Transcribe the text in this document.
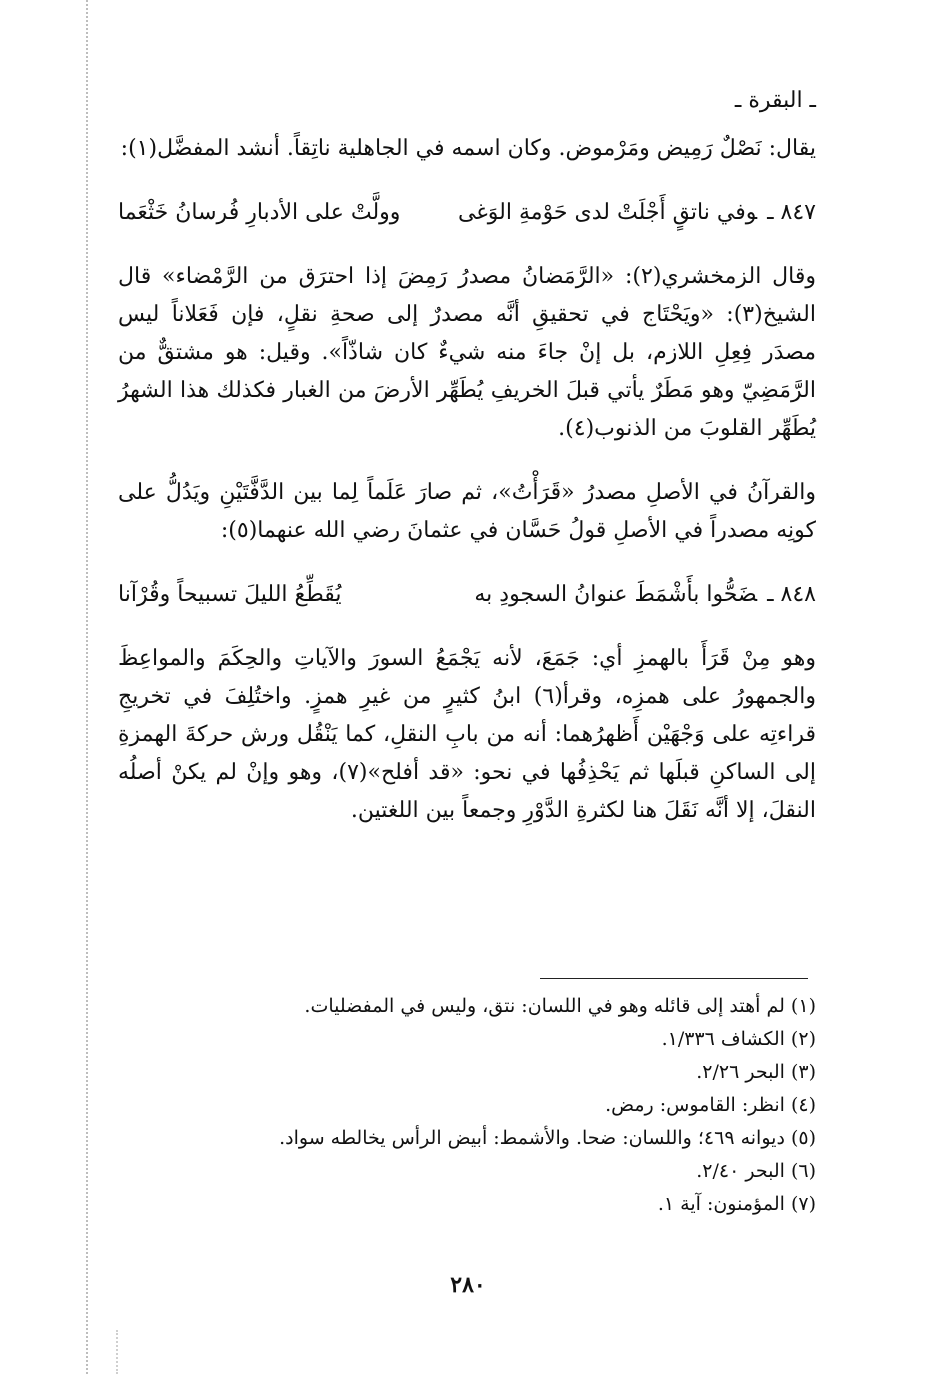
ـ البقرة ـ

يقال: نَصْلٌ رَمِيض ومَرْموض. وكان اسمه في الجاهلية ناتِقاً. أنشد المفضَّل(١):

٨٤٧ ـوفي ناتقٍ أَجْلَتْ لدى حَوْمةِ الوَغى
وولَّتْ على الأدبارِ فُرسانُ خَثْعَما

وقال الزمخشري(٢): «الرَّمَضانُ مصدرُ رَمِضَ إذا احترَق من الرَّمْضاء» قال الشيخ(٣): «ويَحْتَاج في تحقيقِ أنَّه مصدرٌ إلى صحةِ نقلٍ، فإن فَعَلاناً ليس مصدَر فِعِلِ اللازم، بل إنْ جاءَ منه شيءٌ كان شاذّاً». وقيل: هو مشتقٌّ من الرَّمَضِيّ وهو مَطَرٌ يأتي قبلَ الخريفِ يُطَهِّر الأرضَ من الغبار فكذلك هذا الشهرُ يُطَهِّر القلوبَ من الذنوب(٤).

والقرآنُ في الأصلِ مصدرُ «قَرَأْتُ»، ثم صارَ عَلَماً لِما بين الدَّفَّتَيْنِ ويَدُلُّ على كونِه مصدراً في الأصلِ قولُ حَسَّان في عثمانَ رضي الله عنهما(٥):

٨٤٨ ـضَحُّوا بأَشْمَطَ عنوانُ السجودِ به
يُقَطِّعُ الليلَ تسبيحاً وقُرْآنا

وهو مِنْ قَرَأَ بالهمزِ أي: جَمَعَ، لأنه يَجْمَعُ السورَ والآياتِ والحِكَمَ والمواعِظَ والجمهورُ على همزِه، وقرأ(٦) ابنُ كثيرٍ من غيرِ همزٍ. واختُلِفَ في تخريجِ قراءتِه على وَجْهَيْن أَظهرُهما: أنه من بابِ النقلِ، كما يَنْقُل ورش حركةَ الهمزةِ إلى الساكنِ قبلَها ثم يَحْذِفُها في نحو: «قد أفلح»(٧)، وهو وإنْ لم يكنْ أصلُه النقلَ، إلا أنَّه نَقَلَ هنا لكثرةِ الدَّوْرِ وجمعاً بين اللغتين.

(١) لم أهتد إلى قائله وهو في اللسان: نتق، وليس في المفضليات.
(٢) الكشاف ١/٣٣٦.
(٣) البحر ٢/٢٦.
(٤) انظر: القاموس: رمض.
(٥) ديوانه ٤٦٩؛ واللسان: ضحا. والأشمط: أبيض الرأس يخالطه سواد.
(٦) البحر ٢/٤٠.
(٧) المؤمنون: آية ١.
٢٨٠
